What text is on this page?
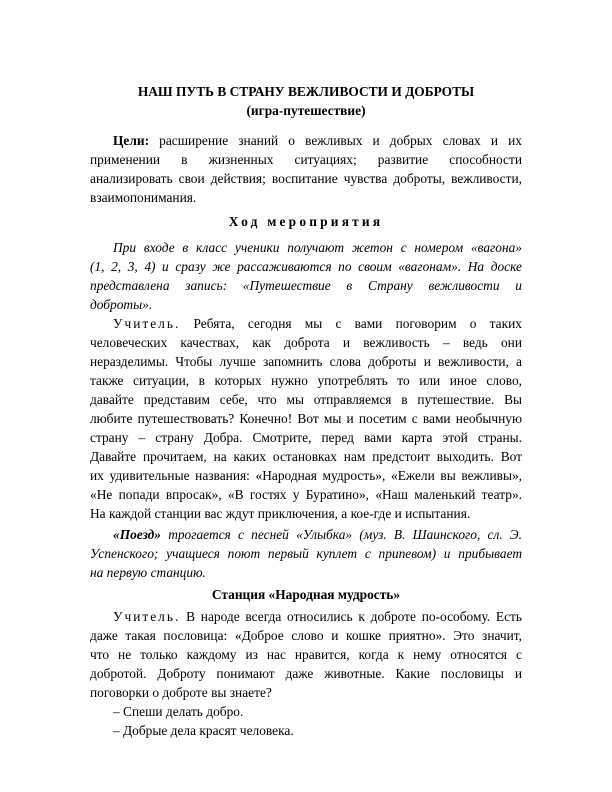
НАШ ПУТЬ В СТРАНУ ВЕЖЛИВОСТИ И ДОБРОТЫ
(игра-путешествие)
Цели: расширение знаний о вежливых и добрых словах и их
применении в жизненных ситуациях; развитие способности
анализировать свои действия; воспитание чувства доброты, вежливости,
взаимопонимания.
Ход мероприятия
При входе в класс ученики получают жетон с номером «вагона»
(1, 2, 3, 4) и сразу же рассаживаются по своим «вагонам». На доске
представлена запись: «Путешествие в Страну вежливости и
доброты».
Учитель. Ребята, сегодня мы с вами поговорим о таких
человеческих качествах, как доброта и вежливость – ведь они
неразделимы. Чтобы лучше запомнить слова доброты и вежливости, а
также ситуации, в которых нужно употреблять то или иное слово,
давайте представим себе, что мы отправляемся в путешествие. Вы
любите путешествовать? Конечно! Вот мы и посетим с вами необычную
страну – страну Добра. Смотрите, перед вами карта этой страны.
Давайте прочитаем, на каких остановках нам предстоит выходить. Вот
их удивительные названия: «Народная мудрость», «Ежели вы вежливы»,
«Не попади впросак», «В гостях у Буратино», «Наш маленький театр».
На каждой станции вас ждут приключения, а кое-где и испытания.
«Поезд» трогается с песней «Улыбка» (муз. В. Шаинского, сл. Э.
Успенского; учащиеся поют первый куплет с припевом) и прибывает
на первую станцию.
Станция «Народная мудрость»
Учитель. В народе всегда относились к доброте по-особому. Есть
даже такая пословица: «Доброе слово и кошке приятно». Это значит,
что не только каждому из нас нравится, когда к нему относятся с
добротой. Доброту понимают даже животные. Какие пословицы и
поговорки о доброте вы знаете?
– Спеши делать добро.
– Добрые дела красят человека.
